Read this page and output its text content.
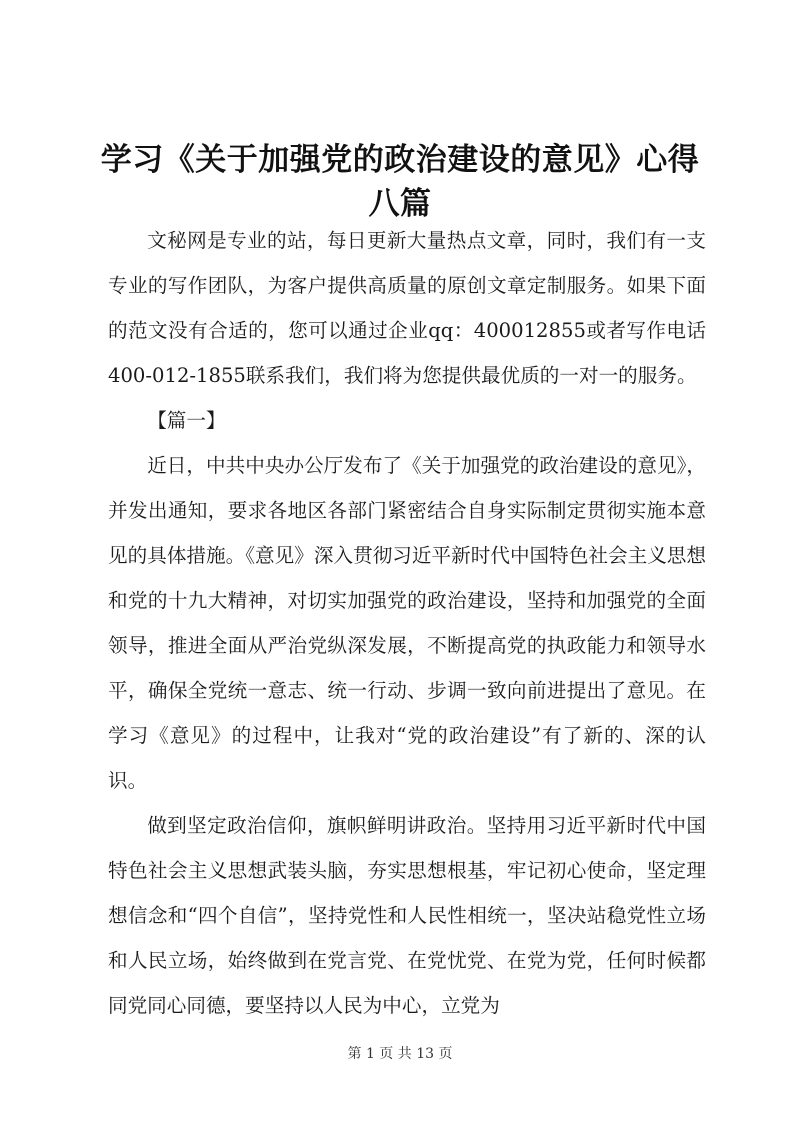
学习《关于加强党的政治建设的意见》心得八篇

文秘网是专业的站，每日更新大量热点文章，同时，我们有一支专业的写作团队，为客户提供高质量的原创文章定制服务。如果下面的范文没有合适的，您可以通过企业qq：400012855或者写作电话400-012-1855联系我们，我们将为您提供最优质的一对一的服务。

【篇一】

近日，中共中央办公厅发布了《关于加强党的政治建设的意见》，并发出通知，要求各地区各部门紧密结合自身实际制定贯彻实施本意见的具体措施。《意见》深入贯彻习近平新时代中国特色社会主义思想和党的十九大精神，对切实加强党的政治建设，坚持和加强党的全面领导，推进全面从严治党纵深发展，不断提高党的执政能力和领导水平，确保全党统一意志、统一行动、步调一致向前进提出了意见。在学习《意见》的过程中，让我对“党的政治建设”有了新的、深的认识。

做到坚定政治信仰，旗帜鲜明讲政治。坚持用习近平新时代中国特色社会主义思想武装头脑，夯实思想根基，牢记初心使命，坚定理想信念和“四个自信”，坚持党性和人民性相统一，坚决站稳党性立场和人民立场，始终做到在党言党、在党忧党、在党为党，任何时候都同党同心同德，要坚持以人民为中心，立党为

第 1 页 共 13 页
